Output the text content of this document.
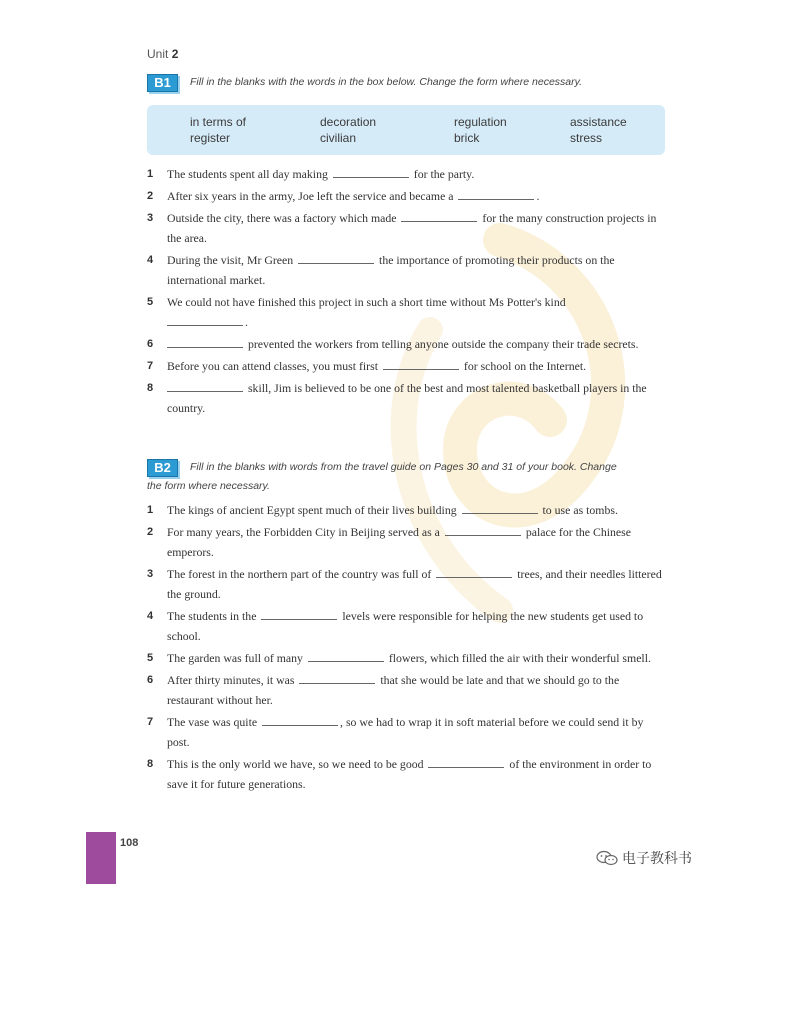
Unit 2
B1 Fill in the blanks with the words in the box below. Change the form where necessary.
in terms of	decoration	regulation	assistance
register	civilian	brick	stress
1 The students spent all day making	for the party.
2 After six years in the army, Joe left the service and became a	.
3 Outside the city, there was a factory which made	for the many construction projects in the area.
4 During the visit, Mr Green	the importance of promoting their products on the international market.
5 We could not have finished this project in such a short time without Ms Potter's kind
.
6	prevented the workers from telling anyone outside the company their trade secrets.
7 Before you can attend classes, you must first	for school on the Internet.
8	skill, Jim is believed to be one of the best and most talented basketball players in the country.
B2 Fill in the blanks with words from the travel guide on Pages 30 and 31 of your book. Change
the form where necessary.
1 The kings of ancient Egypt spent much of their lives building	to use as tombs.
2 For many years, the Forbidden City in Beijing served as a	palace for the Chinese emperors.
3 The forest in the northern part of the country was full of	trees, and their needles littered the ground.
4 The students in the	levels were responsible for helping the new students get used to school.
5 The garden was full of many	flowers, which filled the air with their wonderful smell.
6 After thirty minutes, it was	that she would be late and that we should go to the restaurant without her.
7 The vase was quite	, so we had to wrap it in soft material before we could send it by post.
8 This is the only world we have, so we need to be good	of the environment in order to save it for future generations.
108
电子教科书
